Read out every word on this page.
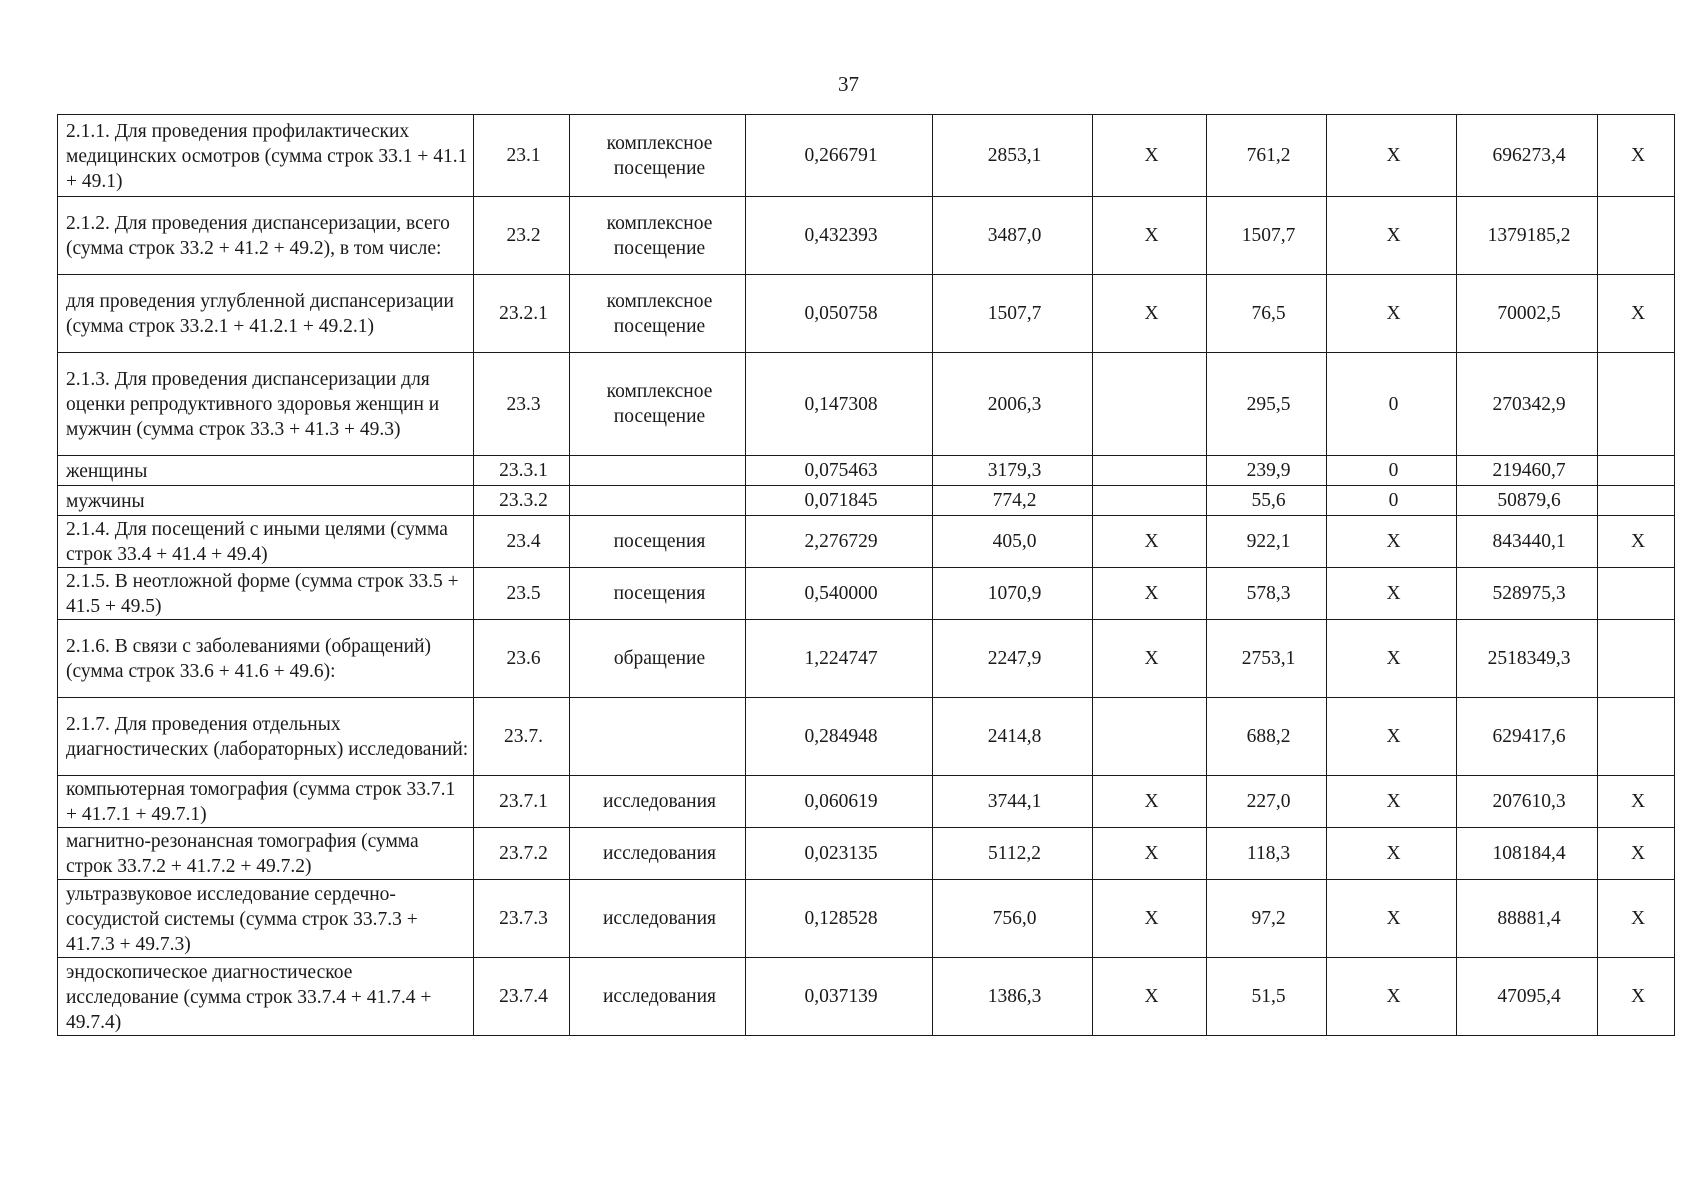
37
2.1.1. Для проведения профилактических медицинских осмотров (сумма строк 33.1 + 41.1 + 49.1)	23.1	комплексное посещение	0,266791	2853,1	X	761,2	X	696273,4	X
2.1.2. Для проведения диспансеризации, всего (сумма строк 33.2 + 41.2 + 49.2), в том числе:	23.2	комплексное посещение	0,432393	3487,0	X	1507,7	X	1379185,2	
для проведения углубленной диспансеризации (сумма строк 33.2.1 + 41.2.1 + 49.2.1)	23.2.1	комплексное посещение	0,050758	1507,7	X	76,5	X	70002,5	X
2.1.3. Для проведения диспансеризации для оценки репродуктивного здоровья женщин и мужчин (сумма строк 33.3 + 41.3 + 49.3)	23.3	комплексное посещение	0,147308	2006,3		295,5	0	270342,9	
женщины	23.3.1		0,075463	3179,3		239,9	0	219460,7	
мужчины	23.3.2		0,071845	774,2		55,6	0	50879,6	
2.1.4. Для посещений с иными целями (сумма строк 33.4 + 41.4 + 49.4)	23.4	посещения	2,276729	405,0	X	922,1	X	843440,1	X
2.1.5. В неотложной форме (сумма строк 33.5 + 41.5 + 49.5)	23.5	посещения	0,540000	1070,9	X	578,3	X	528975,3	
2.1.6. В связи с заболеваниями (обращений) (сумма строк 33.6 + 41.6 + 49.6):	23.6	обращение	1,224747	2247,9	X	2753,1	X	2518349,3	
2.1.7. Для проведения отдельных диагностических (лабораторных) исследований:	23.7.		0,284948	2414,8		688,2	X	629417,6	
компьютерная томография (сумма строк 33.7.1 + 41.7.1 + 49.7.1)	23.7.1	исследования	0,060619	3744,1	X	227,0	X	207610,3	X
магнитно-резонансная томография (сумма строк 33.7.2 + 41.7.2 + 49.7.2)	23.7.2	исследования	0,023135	5112,2	X	118,3	X	108184,4	X
ультразвуковое исследование сердечно-сосудистой системы (сумма строк 33.7.3 + 41.7.3 + 49.7.3)	23.7.3	исследования	0,128528	756,0	X	97,2	X	88881,4	X
эндоскопическое диагностическое исследование (сумма строк 33.7.4 + 41.7.4 + 49.7.4)	23.7.4	исследования	0,037139	1386,3	X	51,5	X	47095,4	X
